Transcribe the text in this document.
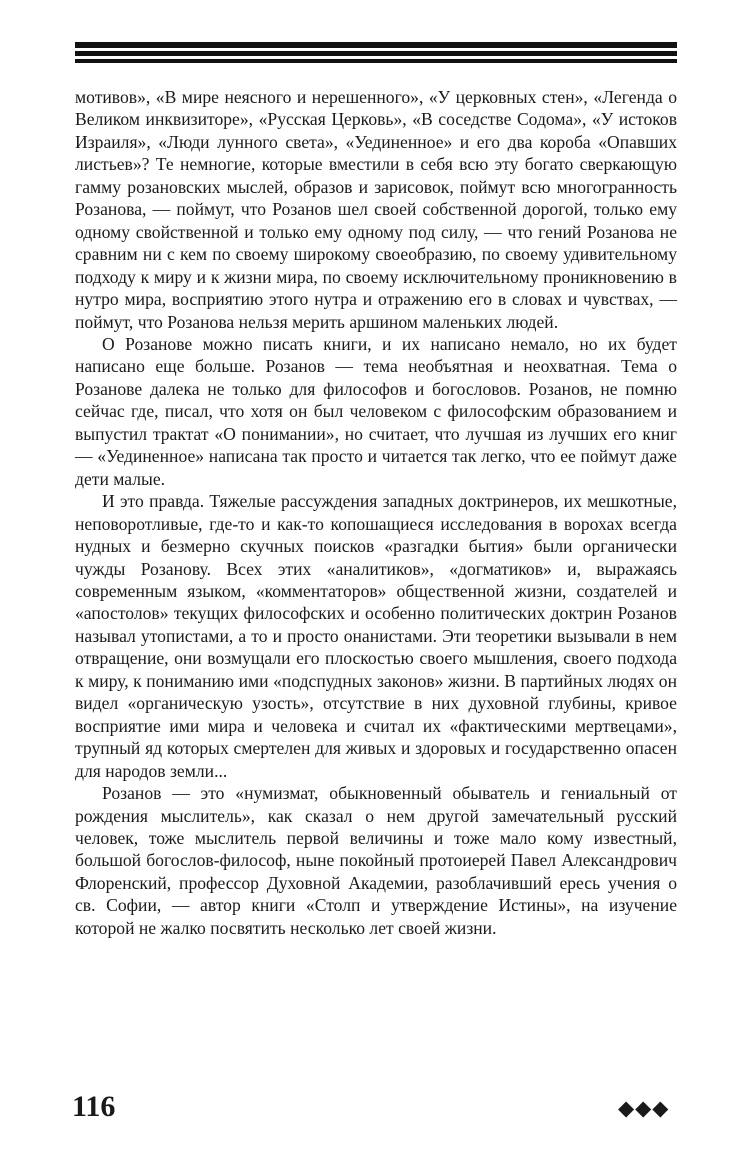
мотивов», «В мире неясного и нерешенного», «У церковных стен», «Легенда о Великом инквизиторе», «Русская Церковь», «В соседстве Содома», «У истоков Израиля», «Люди лунного света», «Уединенное» и его два короба «Опавших листьев»? Те немногие, которые вместили в себя всю эту богато сверкающую гамму розановских мыслей, образов и зарисовок, поймут всю многогранность Розанова, — поймут, что Розанов шел своей собственной дорогой, только ему одному свойственной и только ему одному под силу, — что гений Розанова не сравним ни с кем по своему широкому своеобразию, по своему удивительному подходу к миру и к жизни мира, по своему исключительному проникновению в нутро мира, восприятию этого нутра и отражению его в словах и чувствах, — поймут, что Розанова нельзя мерить аршином маленьких людей.

О Розанове можно писать книги, и их написано немало, но их будет написано еще больше. Розанов — тема необъятная и неохватная. Тема о Розанове далека не только для философов и богословов. Розанов, не помню сейчас где, писал, что хотя он был человеком с философским образованием и выпустил трактат «О понимании», но считает, что лучшая из лучших его книг — «Уединенное» написана так просто и читается так легко, что ее поймут даже дети малые.

И это правда. Тяжелые рассуждения западных доктринеров, их мешкотные, неповоротливые, где-то и как-то копошащиеся исследования в ворохах всегда нудных и безмерно скучных поисков «разгадки бытия» были органически чужды Розанову. Всех этих «аналитиков», «догматиков» и, выражаясь современным языком, «комментаторов» общественной жизни, создателей и «апостолов» текущих философских и особенно политических доктрин Розанов называл утопистами, а то и просто онанистами. Эти теоретики вызывали в нем отвращение, они возмущали его плоскостью своего мышления, своего подхода к миру, к пониманию ими «подспудных законов» жизни. В партийных людях он видел «органическую узость», отсутствие в них духовной глубины, кривое восприятие ими мира и человека и считал их «фактическими мертвецами», трупный яд которых смертелен для живых и здоровых и государственно опасен для народов земли...

Розанов — это «нумизмат, обыкновенный обыватель и гениальный от рождения мыслитель», как сказал о нем другой замечательный русский человек, тоже мыслитель первой величины и тоже мало кому известный, большой богослов-философ, ныне покойный протоиерей Павел Александрович Флоренский, профессор Духовной Академии, разоблачивший ересь учения о св. Софии, — автор книги «Столп и утверждение Истины», на изучение которой не жалко посвятить несколько лет своей жизни.

116	◆◆◆
